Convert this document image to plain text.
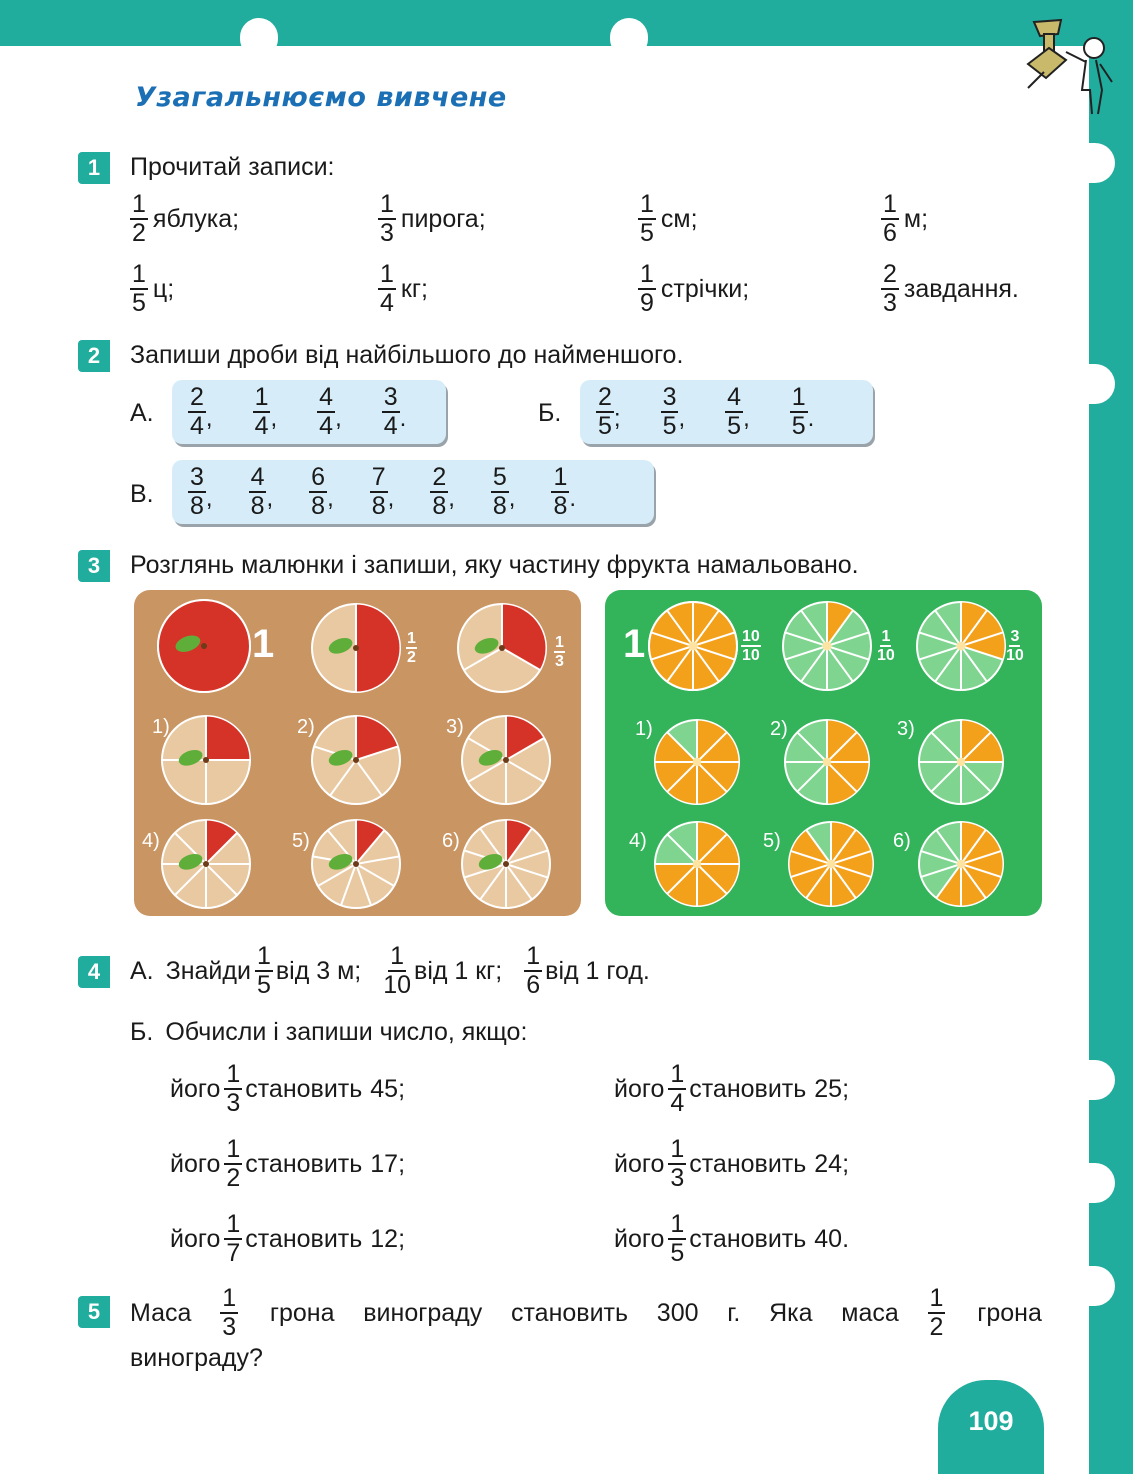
Узагальнюємо вивчене
1	Прочитай записи:
$\frac{1}{2}$ яблука;	$\frac{1}{3}$ пирога;	$\frac{1}{5}$ см;	$\frac{1}{6} м$;
$\frac{1}{5} ц$;	$\frac{1}{4}$ кг;	$\frac{1}{9}$ стрічки;	$\frac{2}{3}$ завдання.
2	Запиши дроби від найбільшого до найменшого.
А. $\frac{2}{4}$ , $\frac{1}{4}$ , $\frac{4}{4}$ , $\frac{3}{4}$ .	Б. $\frac{2}{5}$ ; $\frac{3}{5}$ , $\frac{4}{5}$ , $\frac{1}{5}$ .
В. $\frac{3}{8}$ , $\frac{4}{8}$ , $\frac{6}{8}$ , $\frac{7}{8}$ , $\frac{2}{8}$ , $\frac{5}{8}$ , $\frac{1}{8}$ .
3	Розглянь малюнки і запиши, яку частину фрукта намальовано.
1	1
2
1
3
1)	2)	3)
4)	5)	6)
1	10
10
1
10
3
10
1)	2)	3)
4)	5)	6)
4	А. Знайди $\frac{1}{5}$ від 3 м; $\frac{1}{10}$ від 1 кг; $\frac{1}{6}$ від 1 год.
Б. Обчисли і запиши число, якщо:
його $\frac{1}{3}$ становить 45;	його $\frac{1}{4}$ становить 25;
його $\frac{1}{2}$ становить 17;	його $\frac{1}{3}$ становить 24;
його $\frac{1}{7}$ становить 12;	його $\frac{1}{5}$ становить 40.
5	Маса $\frac{1}{3}$ грона винограду становить 300 г. Яка маса $\frac{1}{2}$ грона
винограду?
109
